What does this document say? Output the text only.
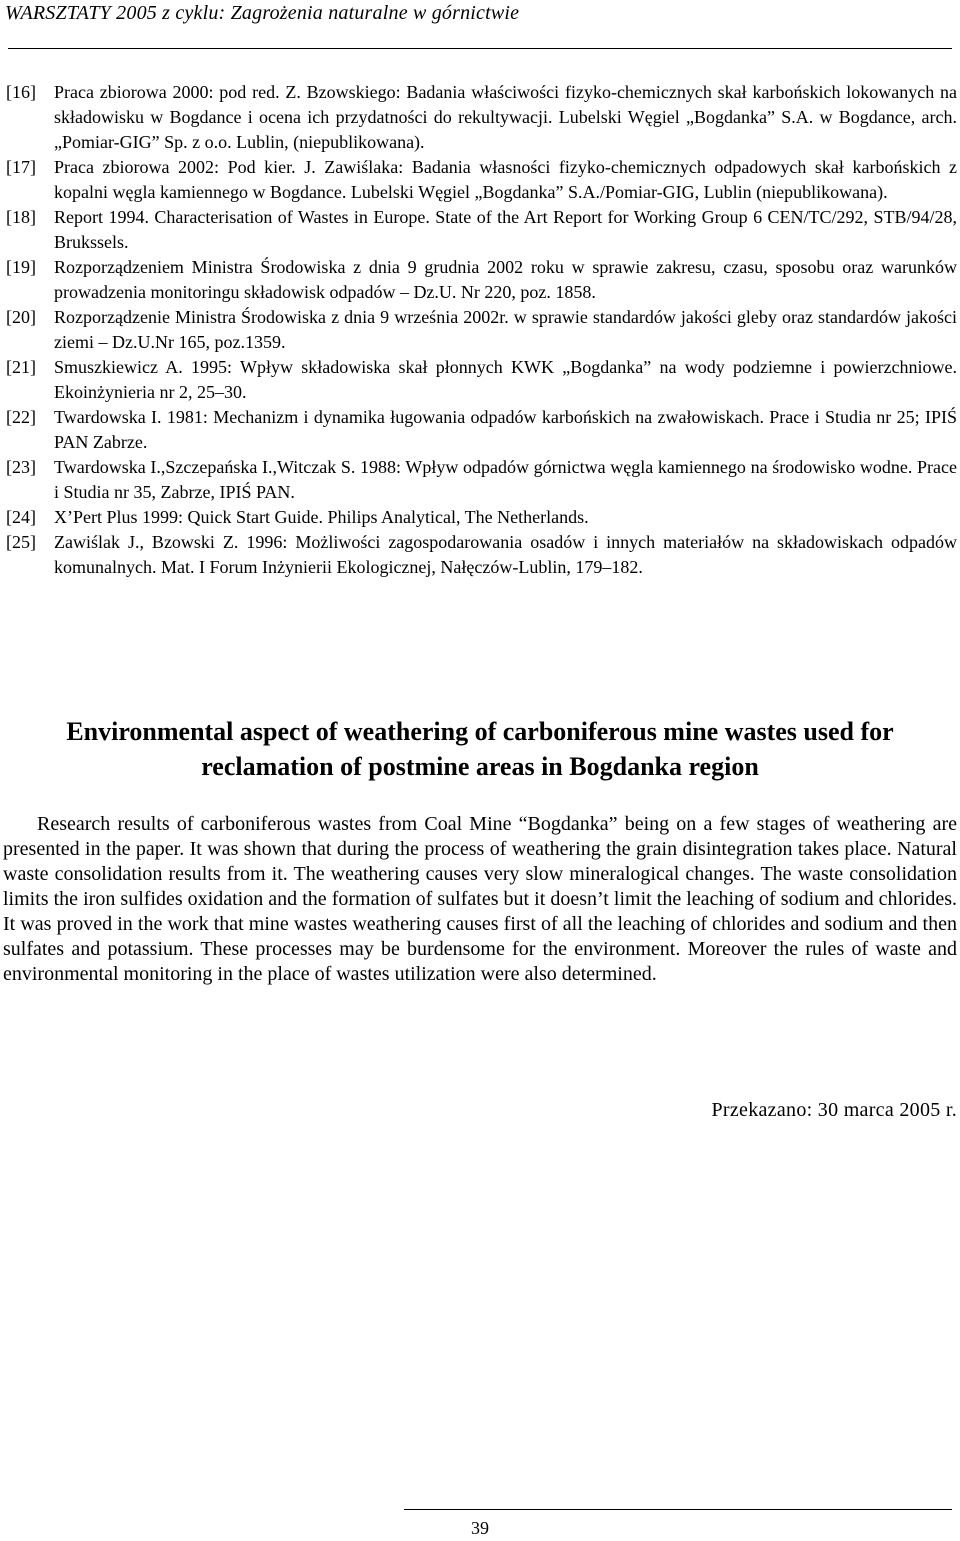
WARSZTATY 2005 z cyklu: Zagrożenia naturalne w górnictwie
[16] Praca zbiorowa 2000: pod red. Z. Bzowskiego: Badania właściwości fizyko-chemicznych skał karbońskich lokowanych na składowisku w Bogdance i ocena ich przydatności do rekultywacji. Lubelski Węgiel „Bogdanka” S.A. w Bogdance, arch. „Pomiar-GIG” Sp. z o.o. Lublin, (niepublikowana).
[17] Praca zbiorowa 2002: Pod kier. J. Zawiślaka: Badania własności fizyko-chemicznych odpadowych skał karbońskich z kopalni węgla kamiennego w Bogdance. Lubelski Węgiel „Bogdanka” S.A./Pomiar-GIG, Lublin (niepublikowana).
[18] Report 1994. Characterisation of Wastes in Europe. State of the Art Report for Working Group 6 CEN/TC/292, STB/94/28, Brukssels.
[19] Rozporządzeniem Ministra Środowiska z dnia 9 grudnia 2002 roku w sprawie zakresu, czasu, sposobu oraz warunków prowadzenia monitoringu składowisk odpadów – Dz.U. Nr 220, poz. 1858.
[20] Rozporządzenie Ministra Środowiska z dnia 9 września 2002r. w sprawie standardów jakości gleby oraz standardów jakości ziemi – Dz.U.Nr 165, poz.1359.
[21] Smuszkiewicz A. 1995: Wpływ składowiska skał płonnych KWK „Bogdanka” na wody podziemne i powierzchniowe. Ekoinżynieria nr 2, 25–30.
[22] Twardowska I. 1981: Mechanizm i dynamika ługowania odpadów karbońskich na zwałowiskach. Prace i Studia nr 25; IPIŚ PAN Zabrze.
[23] Twardowska I.,Szczepańska I.,Witczak S. 1988: Wpływ odpadów górnictwa węgla kamiennego na środowisko wodne. Prace i Studia nr 35, Zabrze, IPIŚ PAN.
[24] X’Pert Plus 1999: Quick Start Guide. Philips Analytical, The Netherlands.
[25] Zawiślak J., Bzowski Z. 1996: Możliwości zagospodarowania osadów i innych materiałów na składowiskach odpadów komunalnych. Mat. I Forum Inżynierii Ekologicznej, Nałęczów-Lublin, 179–182.
Environmental aspect of weathering of carboniferous mine wastes used for reclamation of postmine areas in Bogdanka region

Research results of carboniferous wastes from Coal Mine “Bogdanka” being on a few stages of weathering are presented in the paper. It was shown that during the process of weathering the grain disintegration takes place. Natural waste consolidation results from it. The weathering causes very slow mineralogical changes. The waste consolidation limits the iron sulfides oxidation and the formation of sulfates but it doesn’t limit the leaching of sodium and chlorides. It was proved in the work that mine wastes weathering causes first of all the leaching of chlorides and sodium and then sulfates and potassium. These processes may be burdensome for the environment. Moreover the rules of waste and environmental monitoring in the place of wastes utilization were also determined.

Przekazano: 30 marca 2005 r.

39
